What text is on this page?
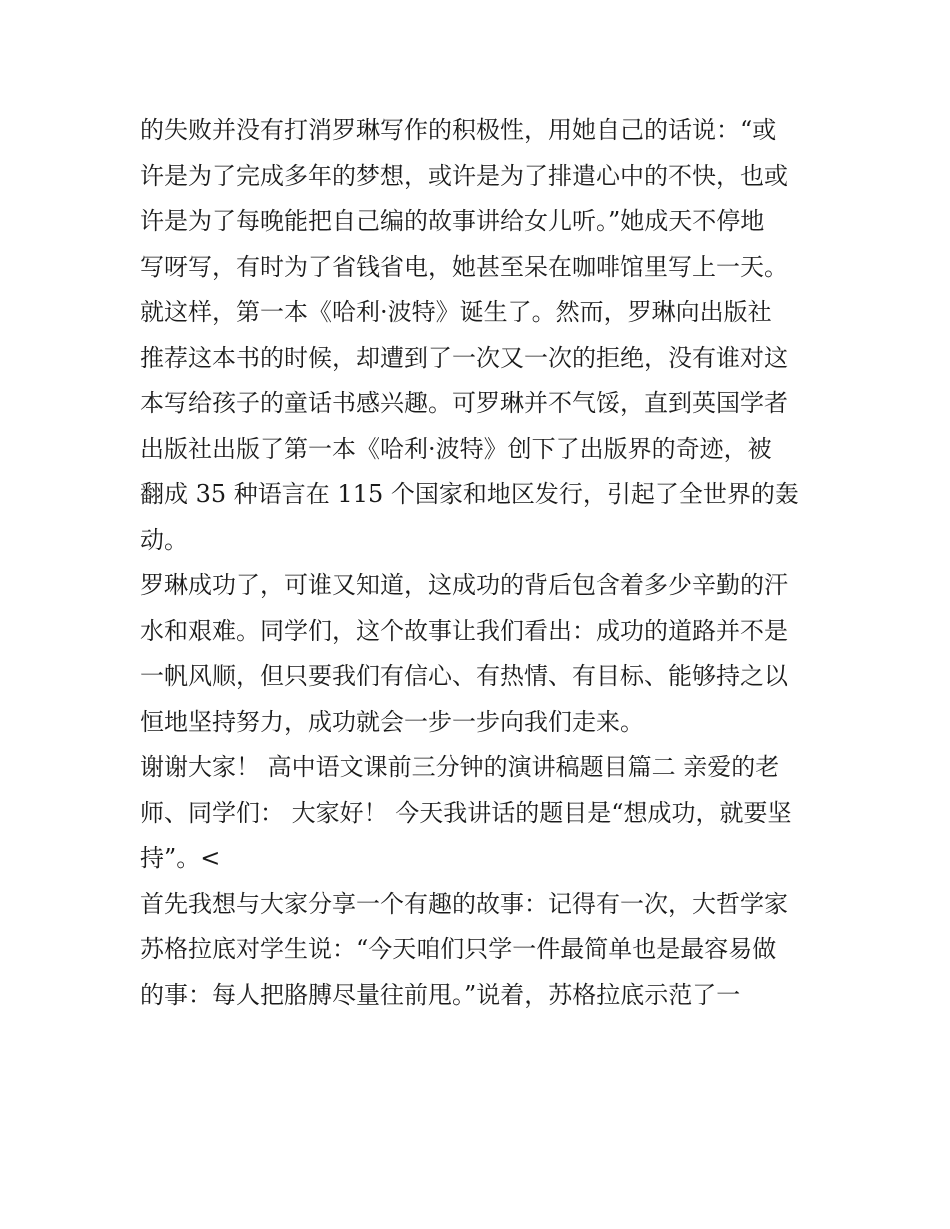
的失败并没有打消罗琳写作的积极性，用她自己的话说：“或
许是为了完成多年的梦想，或许是为了排遣心中的不快，也或
许是为了每晚能把自己编的故事讲给女儿听。”她成天不停地
写呀写，有时为了省钱省电，她甚至呆在咖啡馆里写上一天。
就这样，第一本《哈利·波特》诞生了。然而，罗琳向出版社
推荐这本书的时候，却遭到了一次又一次的拒绝，没有谁对这
本写给孩子的童话书感兴趣。可罗琳并不气馁，直到英国学者
出版社出版了第一本《哈利·波特》创下了出版界的奇迹，被
翻成 35 种语言在 115 个国家和地区发行，引起了全世界的轰
动。
罗琳成功了，可谁又知道，这成功的背后包含着多少辛勤的汗
水和艰难。同学们，这个故事让我们看出：成功的道路并不是
一帆风顺，但只要我们有信心、有热情、有目标、能够持之以
恒地坚持努力，成功就会一步一步向我们走来。
谢谢大家！ 高中语文课前三分钟的演讲稿题目篇二 亲爱的老
师、同学们： 大家好！ 今天我讲话的题目是“想成功，就要坚
持”。<
首先我想与大家分享一个有趣的故事：记得有一次，大哲学家
苏格拉底对学生说：“今天咱们只学一件最简单也是最容易做
的事：每人把胳膊尽量往前甩。”说着，苏格拉底示范了一
